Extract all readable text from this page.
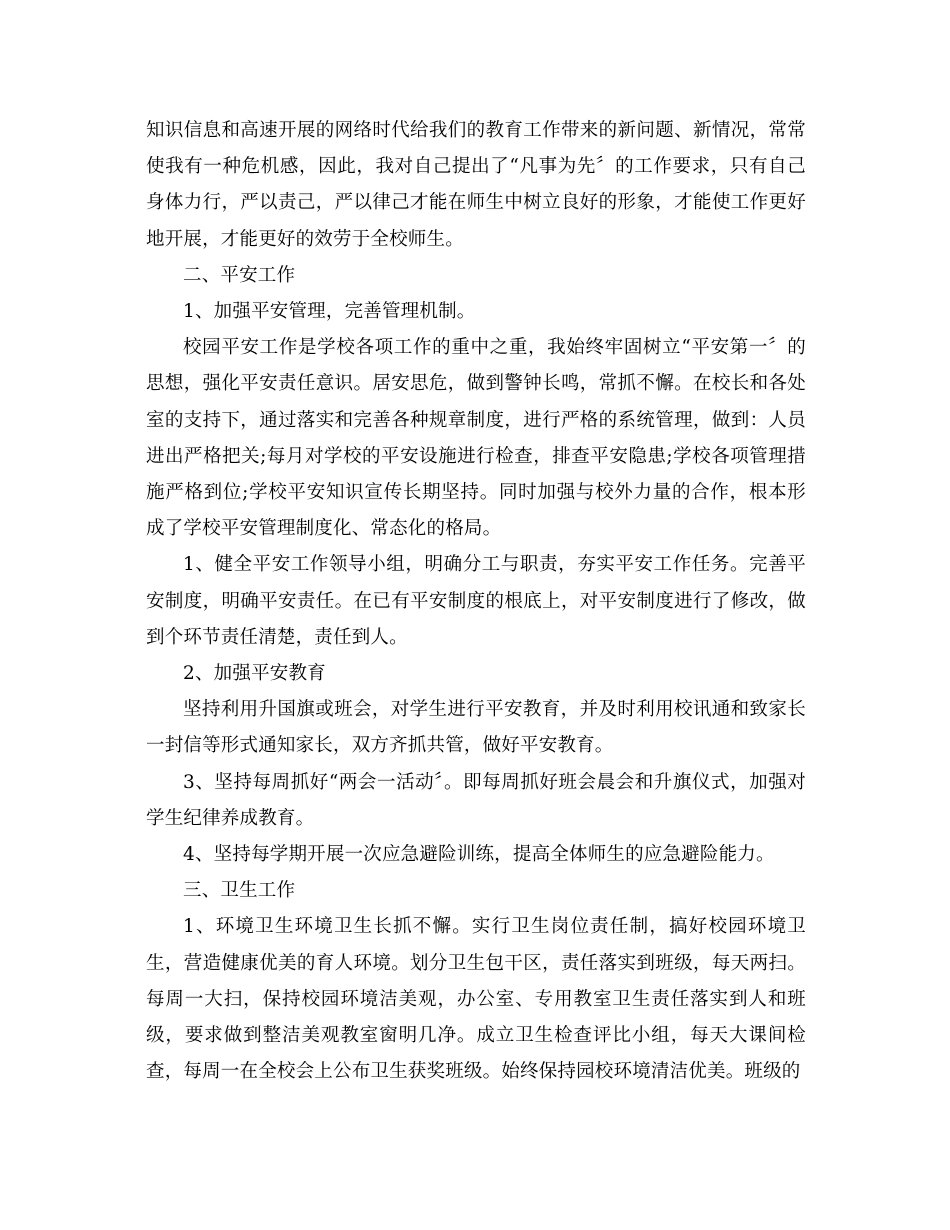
知识信息和高速开展的网络时代给我们的教育工作带来的新问题、新情况，常常使我有一种危机感，因此，我对自己提出了“凡事为先〞的工作要求，只有自己身体力行，严以责己，严以律己才能在师生中树立良好的形象，才能使工作更好地开展，才能更好的效劳于全校师生。

二、平安工作

1、加强平安管理，完善管理机制。

校园平安工作是学校各项工作的重中之重，我始终牢固树立“平安第一〞的思想，强化平安责任意识。居安思危，做到警钟长鸣，常抓不懈。在校长和各处室的支持下，通过落实和完善各种规章制度，进行严格的系统管理，做到：人员进出严格把关;每月对学校的平安设施进行检查，排查平安隐患;学校各项管理措施严格到位;学校平安知识宣传长期坚持。同时加强与校外力量的合作，根本形成了学校平安管理制度化、常态化的格局。

1、健全平安工作领导小组，明确分工与职责，夯实平安工作任务。完善平安制度，明确平安责任。在已有平安制度的根底上，对平安制度进行了修改，做到个环节责任清楚，责任到人。

2、加强平安教育

坚持利用升国旗或班会，对学生进行平安教育，并及时利用校讯通和致家长一封信等形式通知家长，双方齐抓共管，做好平安教育。

3、坚持每周抓好“两会一活动〞。即每周抓好班会晨会和升旗仪式，加强对学生纪律养成教育。

4、坚持每学期开展一次应急避险训练，提高全体师生的应急避险能力。

三、卫生工作

1、环境卫生环境卫生长抓不懈。实行卫生岗位责任制，搞好校园环境卫生，营造健康优美的育人环境。划分卫生包干区，责任落实到班级，每天两扫。每周一大扫，保持校园环境洁美观，办公室、专用教室卫生责任落实到人和班级，要求做到整洁美观教室窗明几净。成立卫生检查评比小组，每天大课间检查，每周一在全校会上公布卫生获奖班级。始终保持园校环境清洁优美。班级的
